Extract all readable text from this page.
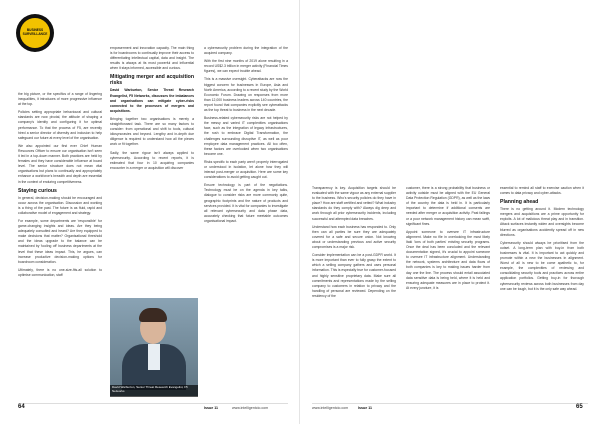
BUSINESS
SURVEILLANCE

the big picture, or the specifics of a range of lingering inequalities, it introduces of more progressive influence at the top.

Policies setting appropriate behavioural and cultural standards are now pivotal, the attitude of shaping a company's identity and configuring it for optimal performance. To that the process of F5, are recently hired a senior director of diversity and inclusion to help safeguard our future at every level of the organisation.

We also appointed our first ever Chief Human Resources Officer to ensure our organisation isn't seen it led in a top-down manner. Both practices are held by females and they have considerable influence at board level. The senior structure does not mean vital organisations but plans to continually and appropriately enhance a workforce's breadth and depth are essential in the context of enduring competitiveness.

Staying curious

In general, decision-making should be encouraged and occur across the organisation. Discussion and working is a thing of the past. The future is as fluid, rapid and collaborative model of engagement and strategy.

For example, some departments are 'responsible' for game-changing insights and ideas. Are they being adequately consulted and heard? Are they equipped to make decisions that matter? Organisational threshold and the ideas upgrade to the balance can be maintained by 'tooling off' business departments at the level that these ideas impact. This, he argues, can increase productive decision-making options for boardroom consideration.

Ultimately, there is no one-size-fits-all solution to optimise communication, staff

empowerment and innovation capacity. The main thing is for boardrooms to continually improve their access to differentiating intellectual capital, data and insight. The results is always at its most powerful and influential when it stays informed, accessible and curious.

Mitigating merger and acquisition risks

David Warburton, Senior Threat Research Evangelist, F5 Networks, discusses the imbalances and organisations can mitigate cyber-risks connected to the processes of mergers and acquisitions.

Bringing together two organisations is merely a straightforward task. There are so many factors to consider: from operational and shift to tools, cultural idiosyncrasies and beyond. Lengthy and in-depth due diligence is required to understand how all the pieces work or fit together.

Sadly, the same rigour isn't always applied to cybersecurity. According to recent reports, it is estimated that four in 10 acquiring companies encounter in a merger or acquisition will discover

David Warburton, Senior Threat Research Evangelist, F5 Networks

a cybersecurity problem during the integration of the acquired company.

With the first nine months of 2019 alone resulting in a record US$2.3 trillion in merger activity (Financial Times figures), we can expect trouble ahead.

This is a massive oversight. Cyberattacks are now the biggest concern for businesses in Europe, Asia and North America, according to a recent study by the World Economic Forum. Drawing on responses from more than 12,000 business leaders across 140 countries, the report found that companies explicitly see cyberattacks as the top threat to business in the next decade.

Business-related cybersecurity risks are not helped by the messy and varied IT complexities organisations face, such as the integration of legacy infrastructures, the rush to embrace Digital Transformation, the challenges surrounding disruptive IT, as well as poor employee data management practices. All too often, these factors are overlooked when two organisations become one.

Risks specific to each party aren't properly interrogated or understood in isolation, let alone how they will interact post-merger or acquisition. Here are some key considerations to avoid getting caught out.

Ensure technology is part of the negotiations. Technology must be on the agenda in key talks, dialogue to consider risks are more commonly quite, geographic footprints and the nature of products and services provided. It is vital for companies to investigate all relevant cybersecurity and data phase data, accurately checking that future meetable outcomes organisational impact.

64	Issue 11	www.intelligentcio.com

Transparency is key. Acquisition targets should be evaluated with the same vigour as any external supplier to the business. Who's security policies do they have in place? How are staff certified and vetted? What industry standards do they comply with? Always dig deep and work through all prior cybersecurity incidents, including successful and attempted data breaches.

Understand how each business has responded to. Only then can all parties be sure they are adequately covered for a safe and secure union. Not knowing about or understanding previous and active security compromises is a major risk.

Consider implementation can be a post-GDPR world. It is more important than ever to fully grasp the extent to which a selling company gathers and uses personal information. This is especially true for customer-focused and highly sensitive proprietary data. Make sure all commitments and representations made by the selling company to customers in relation to privacy and the handling of personal are reviewed. Depending on the residency of the

customer, there is a strong probability that business or activity outside must be aligned with the EU General Data Protection Regulation (GDPR), as well as the laws of the country the data is held in. It is particularly important to determine if additional consents are needed after merger or acquisition activity. Past failings or a poor network management history can mean swift, significant fines.

Appoint someone to oversee IT infrastructure alignment. Make no file in overlooking the most likely Itaki 'ions of both parties' existing security programs. Once the deal has been concluded and the relevant documentation signed, it's crucial to appoint someone to oversee IT infrastructure alignment. Understanding the network, systems architecture and data flows of both companies is key to making issues harder from day one the line. The process should entail associated data sensitive data is being held, where it is held and ensuring adequate measures are in place to protect it. At every juncture, it is

essential to remind all staff to exercise caution when it comes to data privacy and cyber-attacks.

Planning ahead

There is no getting around it. Modern technology mergers and acquisitions are a prime opportunity for exploits. A lot of malicious threat play and in transition. Attack surfaces instantly widen and oversights become blurred as organisations accidently spread off in new directions.

Cybersecurity should always be prioritised from the outset. A long-term plan with buy-in from both businesses is vital. It is important to act quickly and promote within a new the businesses in alignment. Worst of all is new to be come apathetic to, for example, the complexities of reviewing and consolidating security tools and practices across entire application portfolios. Getting buy-in for thorough cybersecurity reviews across both businesses from day one can be tough, but it is the only safe way ahead.

www.intelligentcio.com	Issue 11	65
